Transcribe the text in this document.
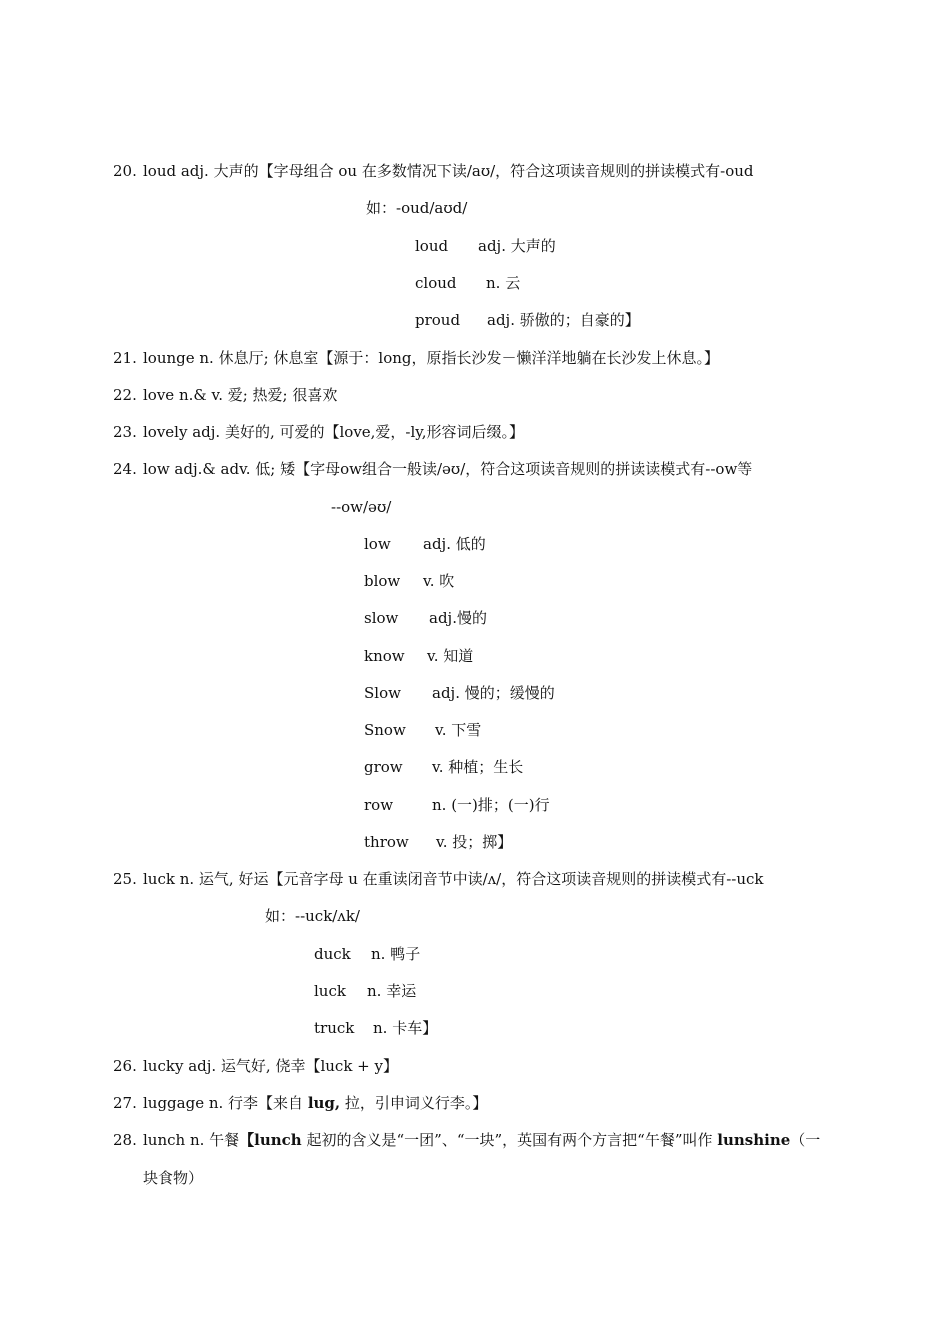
20. loud adj. 大声的【字母组合 ou 在多数情况下读/aʊ/，符合这项读音规则的拼读模式有-oud
如：-oud/aʊd/
loud adj. 大声的
cloud n. 云
proud adj. 骄傲的；自豪的】
21. lounge n. 休息厅; 休息室【源于：long，原指长沙发－懒洋洋地躺在长沙发上休息。】
22. love n.& v. 爱; 热爱; 很喜欢
23. lovely adj. 美好的, 可爱的【love,爱，-ly,形容词后缀。】
24. low adj.& adv. 低; 矮【字母ow组合一般读/əʊ/，符合这项读音规则的拼读读模式有--ow等
--ow/əʊ/
low adj. 低的
blow v. 吹
slow adj.慢的
know v. 知道
Slow adj. 慢的；缓慢的
Snow v. 下雪
grow v. 种植；生长
row	n. (一)排；(一)行
throw v. 投；掷】
25. luck n. 运气, 好运【元音字母 u 在重读闭音节中读/ʌ/，符合这项读音规则的拼读模式有--uck
如：--uck/ʌk/
duck n. 鸭子
luck n. 幸运
truck n. 卡车】
26. lucky adj. 运气好, 侥幸【luck + y】
27. luggage n. 行李【来自 lug, 拉，引申词义行李。】
28. lunch n. 午餐【lunch 起初的含义是“一团”、“一块”，英国有两个方言把“午餐”叫作 lunshine（一
块食物）
